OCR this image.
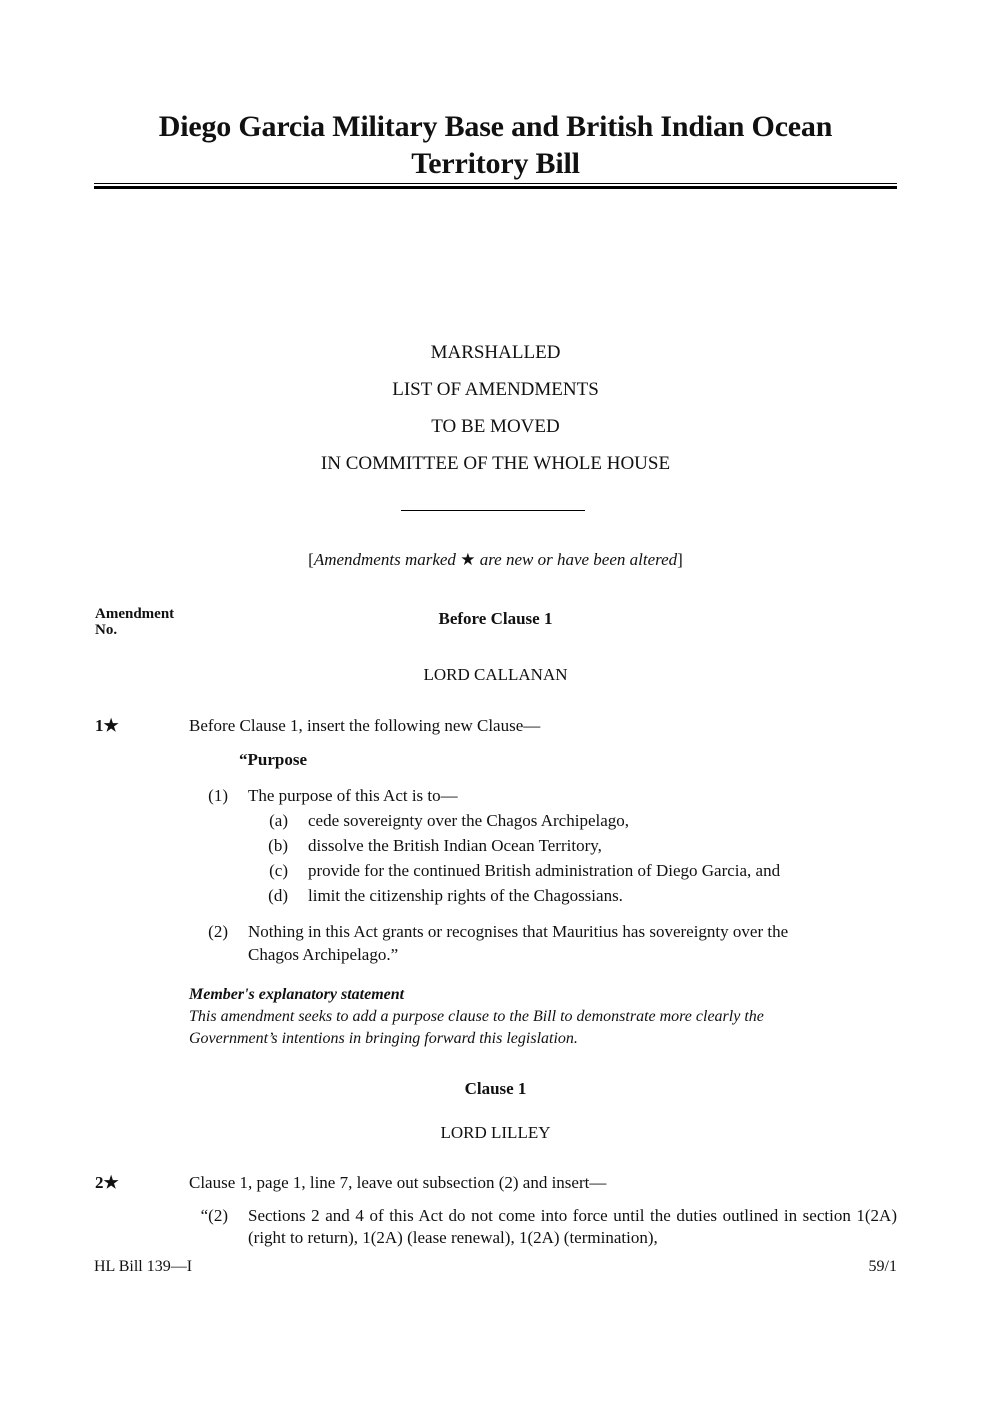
Diego Garcia Military Base and British Indian Ocean
Territory Bill
MARSHALLED
LIST OF AMENDMENTS
TO BE MOVED
IN COMMITTEE OF THE WHOLE HOUSE
[Amendments marked ★ are new or have been altered]
Amendment
No.
Before Clause 1
LORD CALLANAN
1★	Before Clause 1, insert the following new Clause—
“Purpose
(1) The purpose of this Act is to—
(a) cede sovereignty over the Chagos Archipelago,
(b) dissolve the British Indian Ocean Territory,
(c) provide for the continued British administration of Diego Garcia, and
(d) limit the citizenship rights of the Chagossians.
(2) Nothing in this Act grants or recognises that Mauritius has sovereignty over the
Chagos Archipelago.”
Member's explanatory statement
This amendment seeks to add a purpose clause to the Bill to demonstrate more clearly the Government’s intentions in bringing forward this legislation.
Clause 1
LORD LILLEY
2★	Clause 1, page 1, line 7, leave out subsection (2) and insert—
“(2) Sections 2 and 4 of this Act do not come into force until the duties outlined in section 1(2A) (right to return), 1(2A) (lease renewal), 1(2A) (termination),
HL Bill 139—I	59/1
